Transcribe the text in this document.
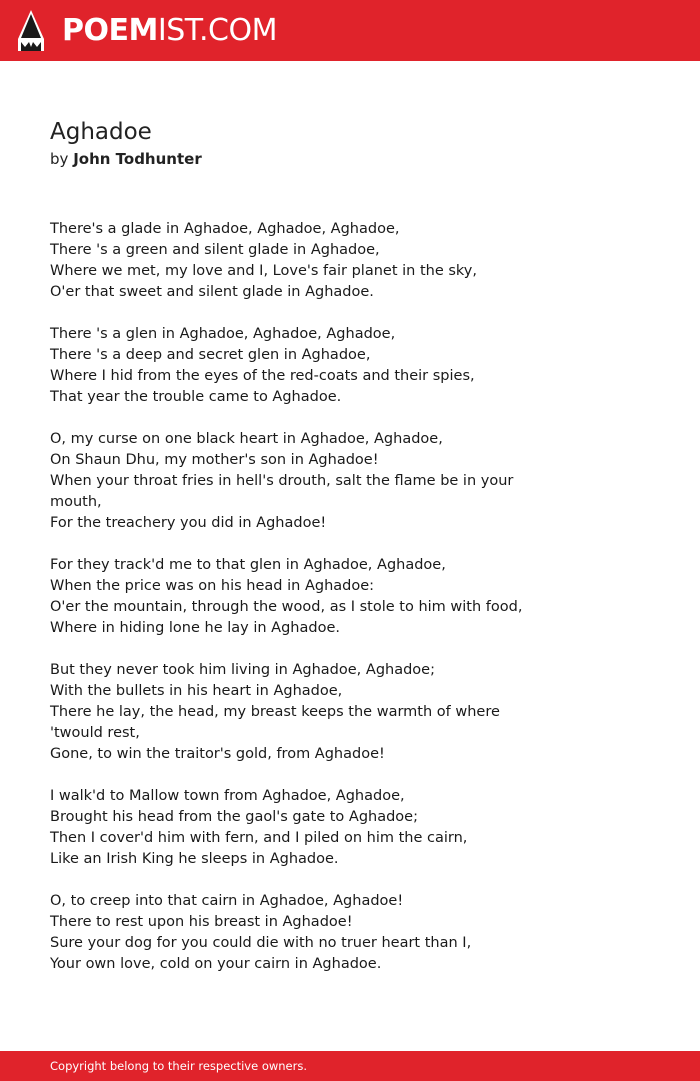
POEMIST.COM
Aghadoe
by John Todhunter

There's a glade in Aghadoe, Aghadoe, Aghadoe,
There 's a green and silent glade in Aghadoe,
Where we met, my love and I, Love's fair planet in the sky,
O'er that sweet and silent glade in Aghadoe.

There 's a glen in Aghadoe, Aghadoe, Aghadoe,
There 's a deep and secret glen in Aghadoe,
Where I hid from the eyes of the red-coats and their spies,
That year the trouble came to Aghadoe.

O, my curse on one black heart in Aghadoe, Aghadoe,
On Shaun Dhu, my mother's son in Aghadoe!
When your throat fries in hell's drouth, salt the flame be in your mouth,
For the treachery you did in Aghadoe!

For they track'd me to that glen in Aghadoe, Aghadoe,
When the price was on his head in Aghadoe:
O'er the mountain, through the wood, as I stole to him with food,
Where in hiding lone he lay in Aghadoe.

But they never took him living in Aghadoe, Aghadoe;
With the bullets in his heart in Aghadoe,
There he lay, the head, my breast keeps the warmth of where 'twould rest,
Gone, to win the traitor's gold, from Aghadoe!

I walk'd to Mallow town from Aghadoe, Aghadoe,
Brought his head from the gaol's gate to Aghadoe;
Then I cover'd him with fern, and I piled on him the cairn,
Like an Irish King he sleeps in Aghadoe.

O, to creep into that cairn in Aghadoe, Aghadoe!
There to rest upon his breast in Aghadoe!
Sure your dog for you could die with no truer heart than I,
Your own love, cold on your cairn in Aghadoe.

Copyright belong to their respective owners.
